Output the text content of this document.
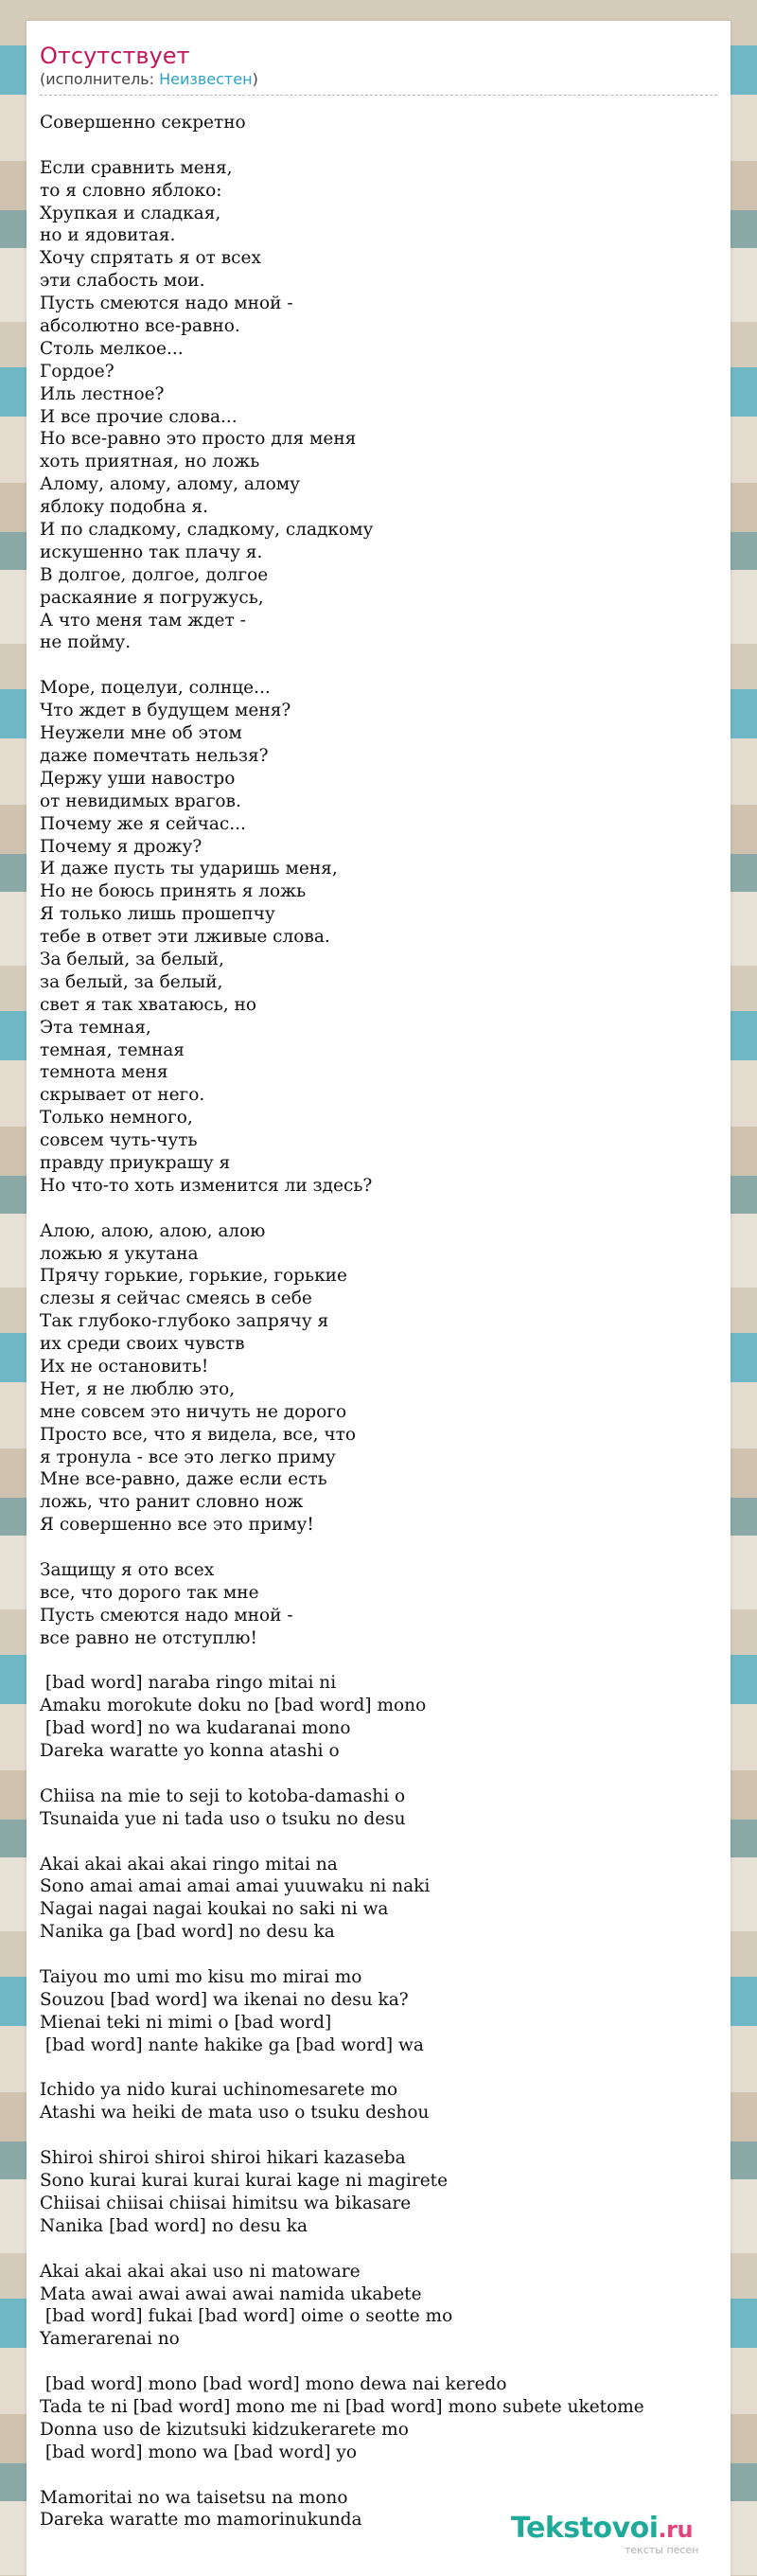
Отсутствует
(исполнитель: Неизвестен)
Совершенно секретно
Если сравнить меня,
то я словно яблоко:
Хрупкая и сладкая,
но и ядовитая.
Хочу спрятать я от всех
эти слабость мои.
Пусть смеются надо мной -
абсолютно все-равно.
Столь мелкое...
Гордое?
Иль лестное?
И все прочие слова...
Но все-равно это просто для меня
хоть приятная, но ложь
Алому, алому, алому, алому
яблоку подобна я.
И по сладкому, сладкому, сладкому
искушенно так плачу я.
В долгое, долгое, долгое
раскаяние я погружусь,
А что меня там ждет -
не пойму.
Море, поцелуи, солнце...
Что ждет в будущем меня?
Неужели мне об этом
даже помечтать нельзя?
Держу уши навостро
от невидимых врагов.
Почему же я сейчас...
Почему я дрожу?
И даже пусть ты ударишь меня,
Но не боюсь принять я ложь
Я только лишь прошепчу
тебе в ответ эти лживые слова.
За белый, за белый,
за белый, за белый,
свет я так хватаюсь, но
Эта темная,
темная, темная
темнота меня
скрывает от него.
Только немного,
совсем чуть-чуть
правду приукрашу я
Но что-то хоть изменится ли здесь?
Алою, алою, алою, алою
ложью я укутана
Прячу горькие, горькие, горькие
слезы я сейчас смеясь в себе
Так глубоко-глубоко запрячу я
их среди своих чувств
Их не остановить!
Нет, я не люблю это,
мне совсем это ничуть не дорого
Просто все, что я видела, все, что
я тронула - все это легко приму
Мне все-равно, даже если есть
ложь, что ранит словно нож
Я совершенно все это приму!
Защищу я ото всех
все, что дорого так мне
Пусть смеются надо мной -
все равно не отступлю!
[bad word] naraba ringo mitai ni
Amaku morokute doku no [bad word] mono
[bad word] no wa kudaranai mono
Dareka waratte yo konna atashi o
Chiisa na mie to seji to kotoba-damashi o
Tsunaida yue ni tada uso o tsuku no desu
Akai akai akai akai ringo mitai na
Sono amai amai amai amai yuuwaku ni naki
Nagai nagai nagai koukai no saki ni wa
Nanika ga [bad word] no desu ka
Taiyou mo umi mo kisu mo mirai mo
Souzou [bad word] wa ikenai no desu ka?
Mienai teki ni mimi o [bad word]
[bad word] nante hakike ga [bad word] wa
Ichido ya nido kurai uchinomesarete mo
Atashi wa heiki de mata uso o tsuku deshou
Shiroi shiroi shiroi shiroi hikari kazaseba
Sono kurai kurai kurai kurai kage ni magirete
Chiisai chiisai chiisai himitsu wa bikasare
Nanika [bad word] no desu ka
Akai akai akai akai uso ni matoware
Mata awai awai awai awai namida ukabete
[bad word] fukai [bad word] oime o seotte mo
Yamerarenai no
[bad word] mono [bad word] mono dewa nai keredo
Tada te ni [bad word] mono me ni [bad word] mono subete uketome
Donna uso de kizutsuki kidzukerarete mo
[bad word] mono wa [bad word] yo
Mamoritai no wa taisetsu na mono
Dareka waratte mo mamorinukunda	Tekstovoi.ru
тексты песен
